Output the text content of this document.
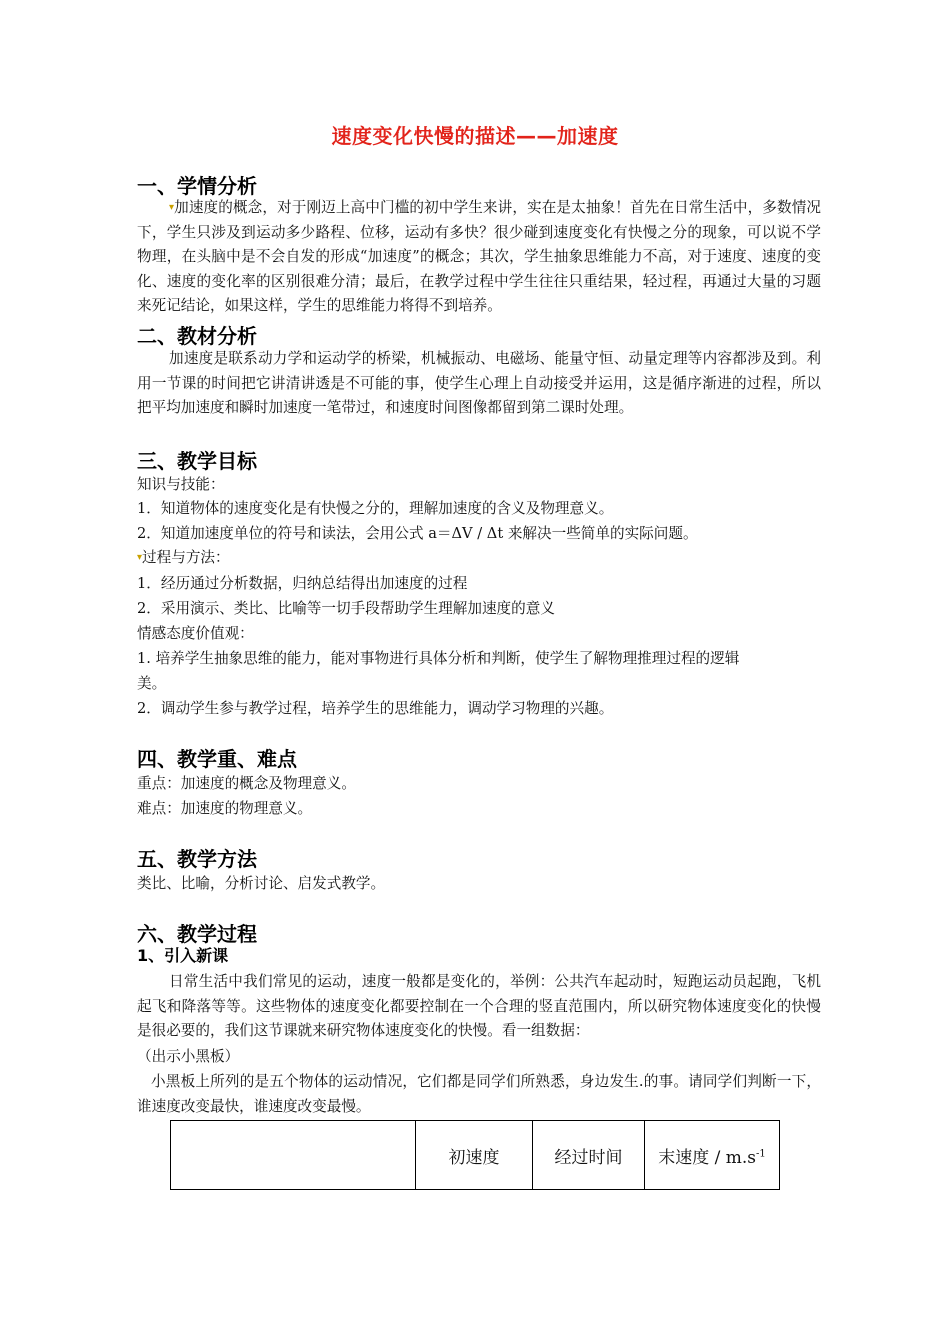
速度变化快慢的描述——加速度
一、学情分析

▾加速度的概念，对于刚迈上高中门槛的初中学生来讲，实在是太抽象！首先在日常生活中，多数情况下，学生只涉及到运动多少路程、位移，运动有多快？很少碰到速度变化有快慢之分的现象，可以说不学物理，在头脑中是不会自发的形成“加速度”的概念；其次，学生抽象思维能力不高，对于速度、速度的变化、速度的变化率的区别很难分清；最后，在教学过程中学生往往只重结果，轻过程，再通过大量的习题来死记结论，如果这样，学生的思维能力将得不到培养。

二、教材分析

加速度是联系动力学和运动学的桥梁，机械振动、电磁场、能量守恒、动量定理等内容都涉及到。利用一节课的时间把它讲清讲透是不可能的事，使学生心理上自动接受并运用，这是循序渐进的过程，所以把平均加速度和瞬时加速度一笔带过，和速度时间图像都留到第二课时处理。

三、教学目标
知识与技能：
1．知道物体的速度变化是有快慢之分的，理解加速度的含义及物理意义。
2．知道加速度单位的符号和读法，会用公式 a＝ΔV / Δt 来解决一些简单的实际问题。
▾过程与方法：
1．经历通过分析数据，归纳总结得出加速度的过程
2．采用演示、类比、比喻等一切手段帮助学生理解加速度的意义
情感态度价值观：
1. 培养学生抽象思维的能力，能对事物进行具体分析和判断，使学生了解物理推理过程的逻辑
美。
2．调动学生参与教学过程，培养学生的思维能力，调动学习物理的兴趣。
四、教学重、难点
重点：加速度的概念及物理意义。
难点：加速度的物理意义。
五、教学方法
类比、比喻，分析讨论、启发式教学。
六、教学过程
1、引入新课

日常生活中我们常见的运动，速度一般都是变化的，举例：公共汽车起动时，短跑运动员起跑，飞机起飞和降落等等。这些物体的速度变化都要控制在一个合理的竖直范围内，所以研究物体速度变化的快慢是很必要的，我们这节课就来研究物体速度变化的快慢。看一组数据：

（出示小黑板）

小黑板上所列的是五个物体的运动情况，它们都是同学们所熟悉，身边发生.的事。请同学们判断一下，谁速度改变最快，谁速度改变最慢。

	初速度	经过时间	末速度 / $m.s^{-1}$
